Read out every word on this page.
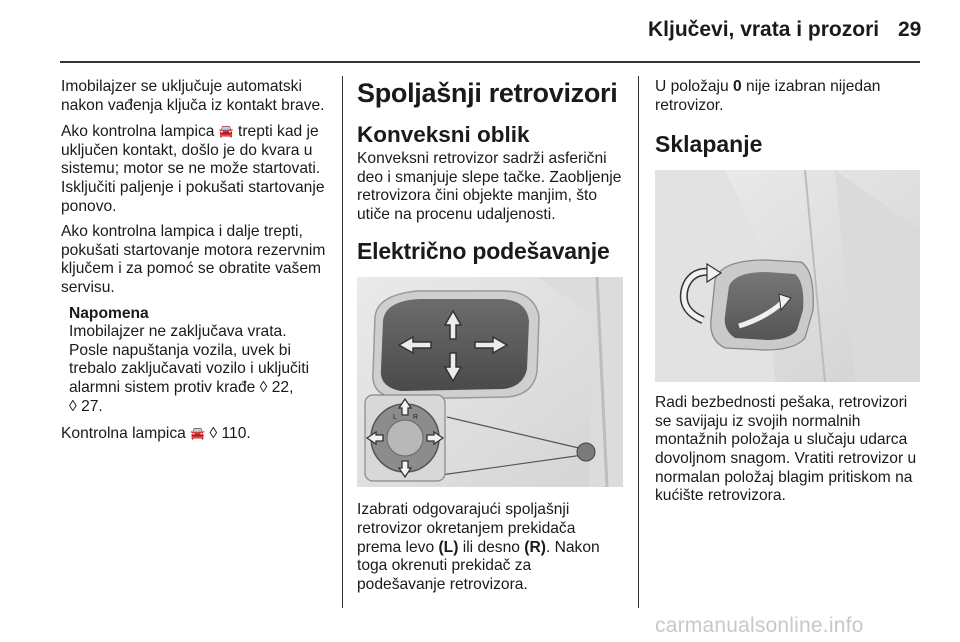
Ključevi, vrata i prozori 29

Imobilajzer se uključuje automatski nakon vađenja ključa iz kontakt brave.

Ako kontrolna lampica 🚘 trepti kad je uključen kontakt, došlo je do kvara u sistemu; motor se ne može startovati. Isključiti paljenje i pokušati startovanje ponovo.

Ako kontrolna lampica i dalje trepti, pokušati startovanje motora rezervnim ključem i za pomoć se obratite vašem servisu.

Napomena
Imobilajzer ne zaključava vrata. Posle napuštanja vozila, uvek bi trebalo zaključavati vozilo i uključiti alarmni sistem protiv krađe ◊ 22,
◊ 27.

Kontrolna lampica 🚘 ◊ 110.

Spoljašnji retrovizori
Konveksni oblik

Konveksni retrovizor sadrži asferični deo i smanjuje slepe tačke. Zaobljenje retrovizora čini objekte manjim, što utiče na procenu udaljenosti.

Električno podešavanje
L R

Izabrati odgovarajući spoljašnji retrovizor okretanjem prekidača prema levo (L) ili desno (R). Nakon toga okrenuti prekidač za podešavanje retrovizora.

U položaju 0 nije izabran nijedan retrovizor.

Sklapanje

Radi bezbednosti pešaka, retrovizori se savijaju iz svojih normalnih montažnih položaja u slučaju udarca dovoljnom snagom. Vratiti retrovizor u normalan položaj blagim pritiskom na kućište retrovizora.

carmanualsonline.info
